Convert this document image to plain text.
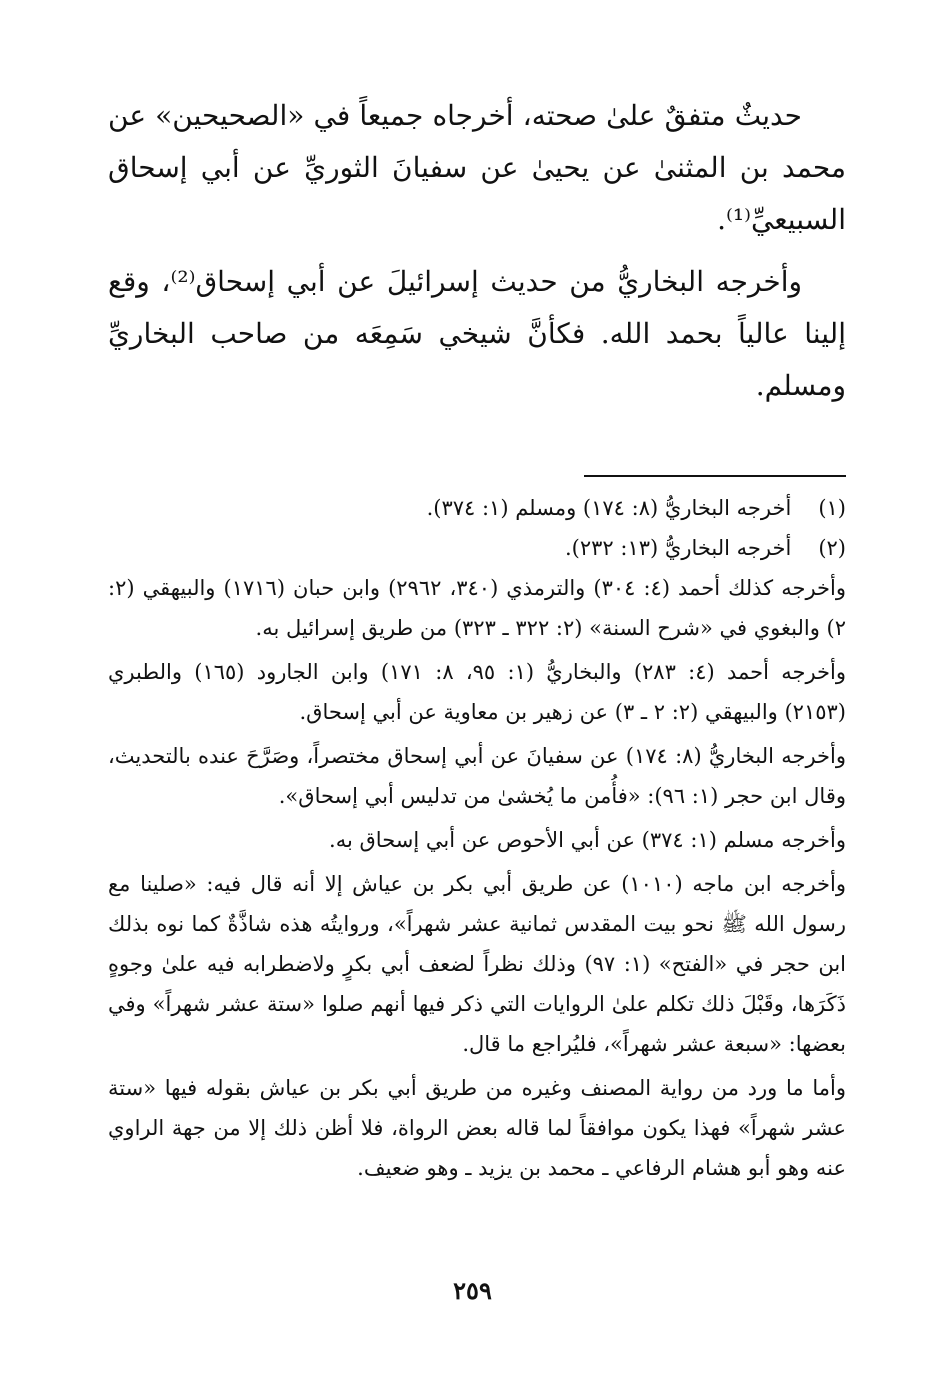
حديثٌ متفقٌ علىٰ صحته، أخرجاه جميعاً في «الصحيحين» عن محمد بن المثنىٰ عن يحيىٰ عن سفيانَ الثوريِّ عن أبي إسحاق السبيعيِّ⁽¹⁾.

وأخرجه البخاريُّ من حديث إسرائيلَ عن أبي إسحاق⁽²⁾، وقع إلينا عالياً بحمد الله. فكأنَّ شيخي سَمِعَه من صاحب البخاريِّ ومسلم.

(١) أخرجه البخاريُّ (٨: ١٧٤) ومسلم (١: ٣٧٤).

(٢) أخرجه البخاريُّ (١٣: ٢٣٢).

وأخرجه كذلك أحمد (٤: ٣٠٤) والترمذي (٣٤٠، ٢٩٦٢) وابن حبان (١٧١٦) والبيهقي (٢: ٢) والبغوي في «شرح السنة» (٢: ٣٢٢ ـ ٣٢٣) من طريق إسرائيل به.

وأخرجه أحمد (٤: ٢٨٣) والبخاريُّ (١: ٩٥، ٨: ١٧١) وابن الجارود (١٦٥) والطبري (٢١٥٣) والبيهقي (٢: ٢ ـ ٣) عن زهير بن معاوية عن أبي إسحاق.

وأخرجه البخاريُّ (٨: ١٧٤) عن سفيانَ عن أبي إسحاق مختصراً، وصَرَّحَ عنده بالتحديث، وقال ابن حجر (١: ٩٦): «فأُمن ما يُخشىٰ من تدليس أبي إسحاق».

وأخرجه مسلم (١: ٣٧٤) عن أبي الأحوص عن أبي إسحاق به.

وأخرجه ابن ماجه (١٠١٠) عن طريق أبي بكر بن عياش إلا أنه قال فيه: «صلينا مع رسول الله ﷺ نحو بيت المقدس ثمانية عشر شهراً»، وروايتُه هذه شاذَّةٌ كما نوه بذلك ابن حجر في «الفتح» (١: ٩٧) وذلك نظراً لضعف أبي بكرٍ ولاضطرابه فيه علىٰ وجوهٍ ذَكَرَها، وقَبْلَ ذلك تكلم علىٰ الروايات التي ذكر فيها أنهم صلوا «ستة عشر شهراً» وفي بعضها: «سبعة عشر شهراً»، فليُراجع ما قال.

وأما ما ورد من رواية المصنف وغيره من طريق أبي بكر بن عياش بقوله فيها «ستة عشر شهراً» فهذا يكون موافقاً لما قاله بعض الرواة، فلا أظن ذلك إلا من جهة الراوي عنه وهو أبو هشام الرفاعي ـ محمد بن يزيد ـ وهو ضعيف.

٢٥٩
